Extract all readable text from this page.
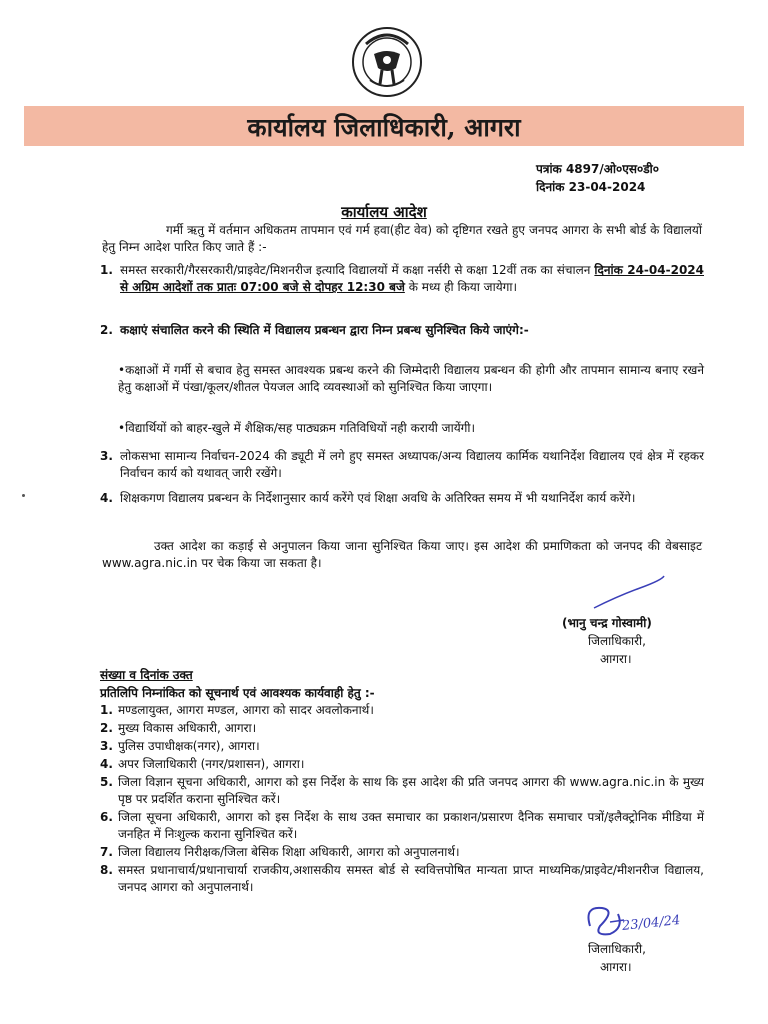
कार्यालय जिलाधिकारी, आगरा
पत्रांक 4897/ओ०एस०डी०
दिनांक 23-04-2024
कार्यालय आदेश
गर्मी ऋतु में वर्तमान अधिकतम तापमान एवं गर्म हवा(हीट वेव) को दृष्टिगत रखते हुए जनपद आगरा के सभी बोर्ड के विद्यालयों हेतु निम्न आदेश पारित किए जाते हैं :-
1. समस्त सरकारी/गैरसरकारी/प्राइवेट/मिशनरीज इत्यादि विद्यालयों में कक्षा नर्सरी से कक्षा 12वीं तक का संचालन दिनांक 24-04-2024 से अग्रिम आदेशों तक प्रातः 07:00 बजे से दोपहर 12:30 बजे के मध्य ही किया जायेगा।
2. कक्षाएं संचालित करने की स्थिति में विद्यालय प्रबन्धन द्वारा निम्न प्रबन्ध सुनिश्चित किये जाएंगे:-
•कक्षाओं में गर्मी से बचाव हेतु समस्त आवश्यक प्रबन्ध करने की जिम्मेदारी विद्यालय प्रबन्धन की होगी और तापमान सामान्य बनाए रखने हेतु कक्षाओं में पंखा/कूलर/शीतल पेयजल आदि व्यवस्थाओं को सुनिश्चित किया जाएगा।
•विद्यार्थियों को बाहर-खुले में शैक्षिक/सह पाठ्यक्रम गतिविधियों नही करायी जायेंगी।
3. लोकसभा सामान्य निर्वाचन-2024 की ड्यूटी में लगे हुए समस्त अध्यापक/अन्य विद्यालय कार्मिक यथानिर्देश विद्यालय एवं क्षेत्र में रहकर निर्वाचन कार्य को यथावत् जारी रखेंगे।
4. शिक्षकगण विद्यालय प्रबन्धन के निर्देशानुसार कार्य करेंगे एवं शिक्षा अवधि के अतिरिक्त समय में भी यथानिर्देश कार्य करेंगे।
उक्त आदेश का कड़ाई से अनुपालन किया जाना सुनिश्चित किया जाए। इस आदेश की प्रमाणिकता को जनपद की वेबसाइट www.agra.nic.in पर चेक किया जा सकता है।
(भानु चन्द्र गोस्वामी)
जिलाधिकारी,
आगरा।
संख्या व दिनांक उक्त
प्रतिलिपि निम्नांकित को सूचनार्थ एवं आवश्यक कार्यवाही हेतु :-
1. मण्डलायुक्त, आगरा मण्डल, आगरा को सादर अवलोकनार्थ।
2. मुख्य विकास अधिकारी, आगरा।
3. पुलिस उपाधीक्षक(नगर), आगरा।
4. अपर जिलाधिकारी (नगर/प्रशासन), आगरा।
5. जिला विज्ञान सूचना अधिकारी, आगरा को इस निर्देश के साथ कि इस आदेश की प्रति जनपद आगरा की www.agra.nic.in के मुख्य पृष्ठ पर प्रदर्शित कराना सुनिश्चित करें।
6. जिला सूचना अधिकारी, आगरा को इस निर्देश के साथ उक्त समाचार का प्रकाशन/प्रसारण दैनिक समाचार पत्रों/इलैक्ट्रोनिक मीडिया में जनहित में निःशुल्क कराना सुनिश्चित करें।
7. जिला विद्यालय निरीक्षक/जिला बेसिक शिक्षा अधिकारी, आगरा को अनुपालनार्थ।
8. समस्त प्रधानाचार्य/प्रधानाचार्या राजकीय,अशासकीय समस्त बोर्ड से स्ववित्तपोषित मान्यता प्राप्त माध्यमिक/प्राइवेट/मीशनरीज विद्यालय, जनपद आगरा को अनुपालनार्थ।
23/04/24
जिलाधिकारी,
आगरा।
